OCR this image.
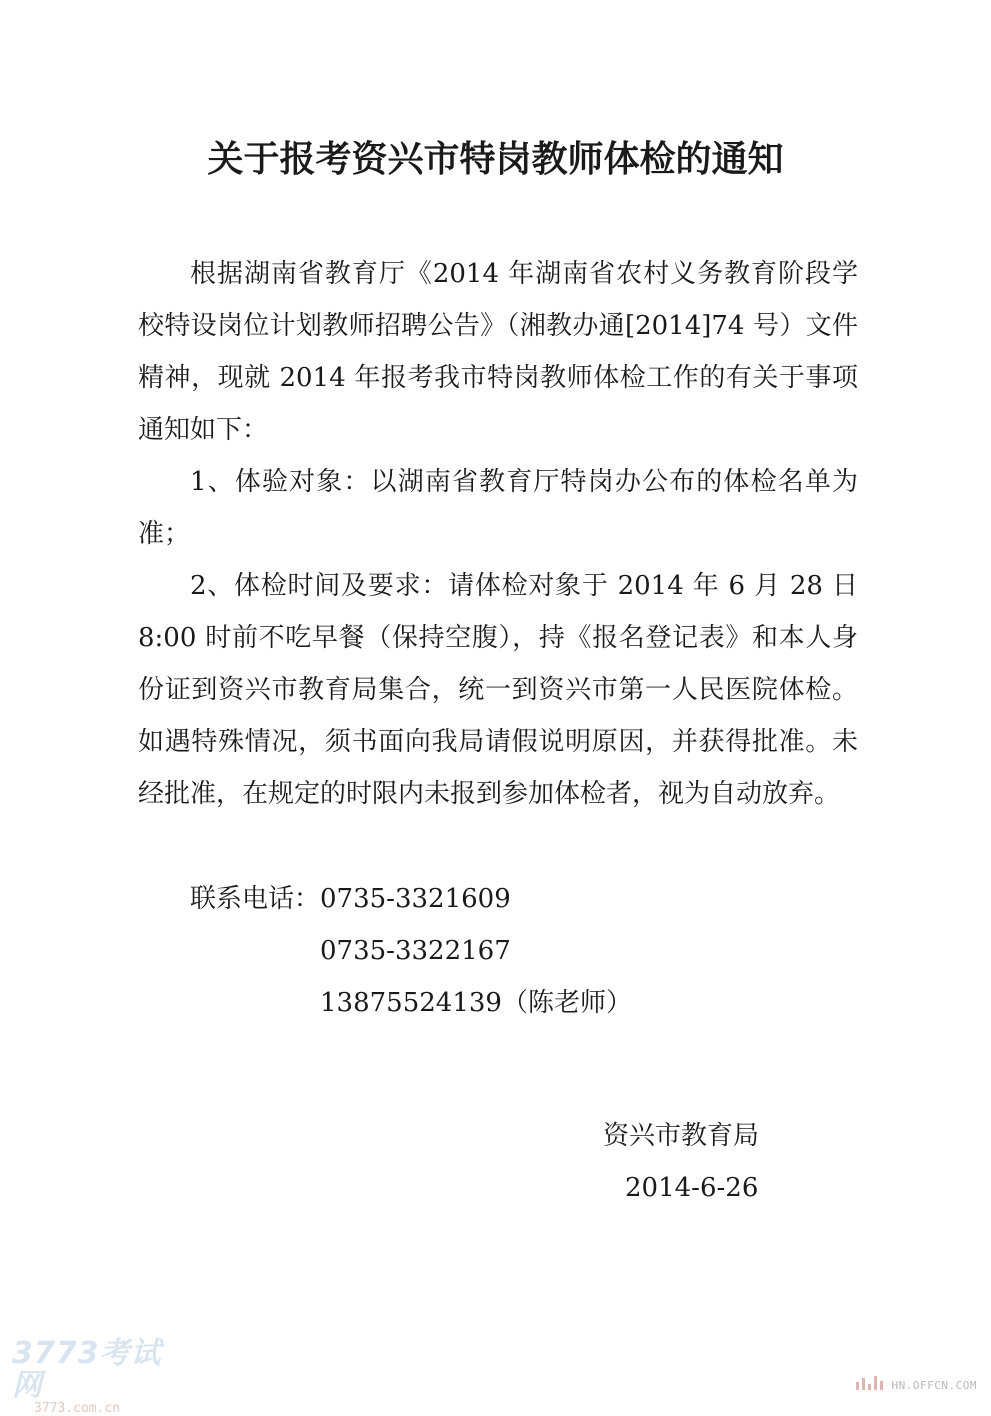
关于报考资兴市特岗教师体检的通知

根据湖南省教育厅《2014 年湖南省农村义务教育阶段学校特设岗位计划教师招聘公告》（湘教办通[2014]74 号）文件精神，现就 2014 年报考我市特岗教师体检工作的有关于事项通知如下：

1、体验对象：以湖南省教育厅特岗办公布的体检名单为准；

2、体检时间及要求：请体检对象于 2014 年 6 月 28 日 8:00 时前不吃早餐（保持空腹），持《报名登记表》和本人身份证到资兴市教育局集合，统一到资兴市第一人民医院体检。如遇特殊情况，须书面向我局请假说明原因，并获得批准。未经批准，在规定的时限内未报到参加体检者，视为自动放弃。

联系电话：0735-3321609
0735-3322167
13875524139（陈老师）
资兴市教育局
2014-6-26
3773考试网
3773.com.cn
HN.OFFCN.COM
